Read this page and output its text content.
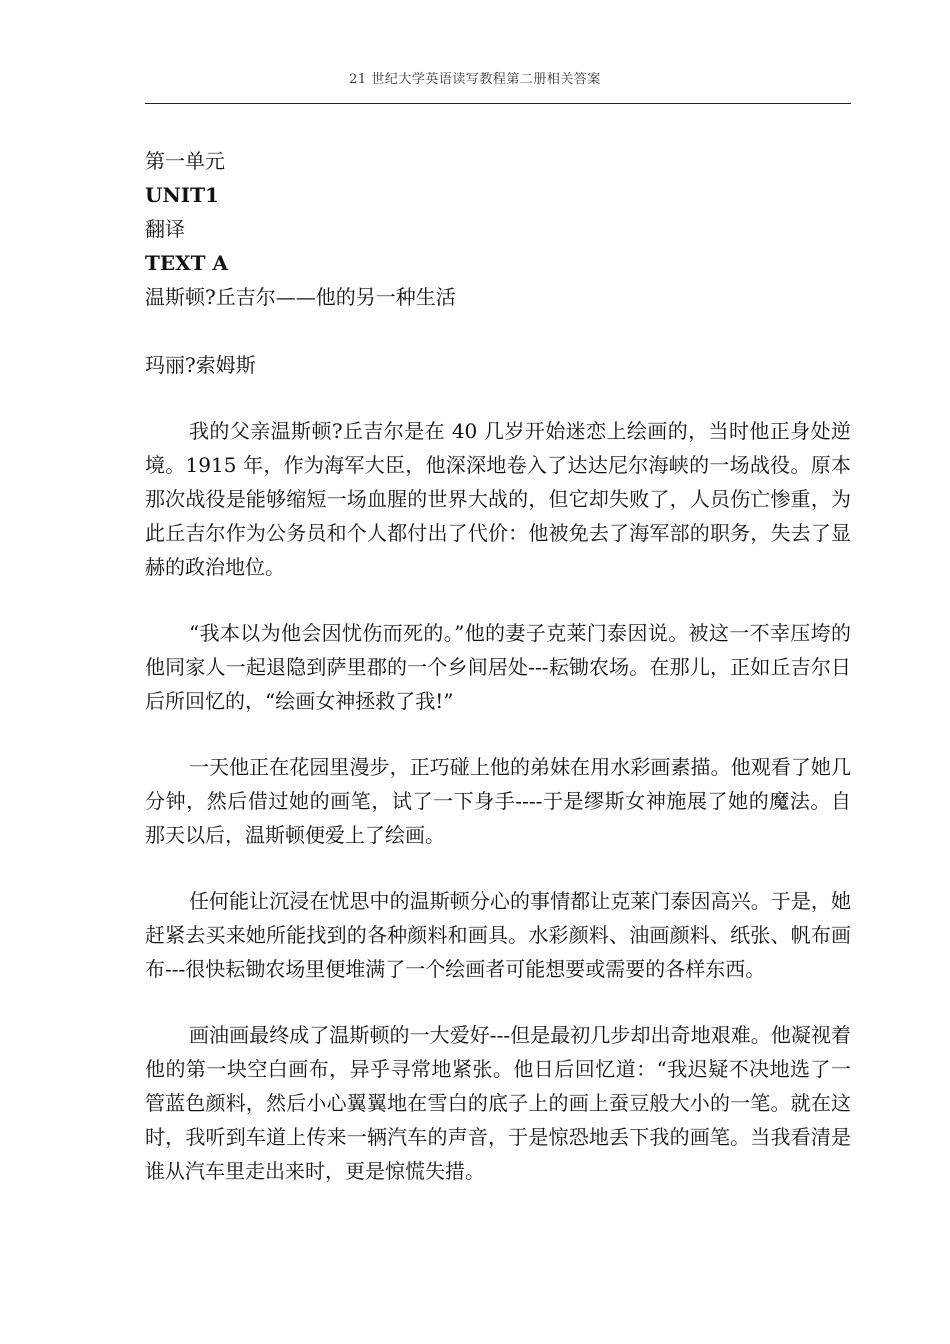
21 世纪大学英语读写教程第二册相关答案

第一单元

UNIT1

翻译

TEXT A

温斯顿?丘吉尔——他的另一种生活

玛丽?索姆斯

我的父亲温斯顿?丘吉尔是在 40 几岁开始迷恋上绘画的，当时他正身处逆境。1915 年，作为海军大臣，他深深地卷入了达达尼尔海峡的一场战役。原本那次战役是能够缩短一场血腥的世界大战的，但它却失败了，人员伤亡惨重，为此丘吉尔作为公务员和个人都付出了代价：他被免去了海军部的职务，失去了显赫的政治地位。

“我本以为他会因忧伤而死的。”他的妻子克莱门泰因说。被这一不幸压垮的他同家人一起退隐到萨里郡的一个乡间居处---耘锄农场。在那儿，正如丘吉尔日后所回忆的，“绘画女神拯救了我!”

一天他正在花园里漫步，正巧碰上他的弟妹在用水彩画素描。他观看了她几分钟，然后借过她的画笔，试了一下身手----于是缪斯女神施展了她的魔法。自那天以后，温斯顿便爱上了绘画。

任何能让沉浸在忧思中的温斯顿分心的事情都让克莱门泰因高兴。于是，她赶紧去买来她所能找到的各种颜料和画具。水彩颜料、油画颜料、纸张、帆布画布---很快耘锄农场里便堆满了一个绘画者可能想要或需要的各样东西。

画油画最终成了温斯顿的一大爱好---但是最初几步却出奇地艰难。他凝视着他的第一块空白画布，异乎寻常地紧张。他日后回忆道：“我迟疑不决地选了一管蓝色颜料，然后小心翼翼地在雪白的底子上的画上蚕豆般大小的一笔。就在这时，我听到车道上传来一辆汽车的声音，于是惊恐地丢下我的画笔。当我看清是谁从汽车里走出来时，更是惊慌失措。
